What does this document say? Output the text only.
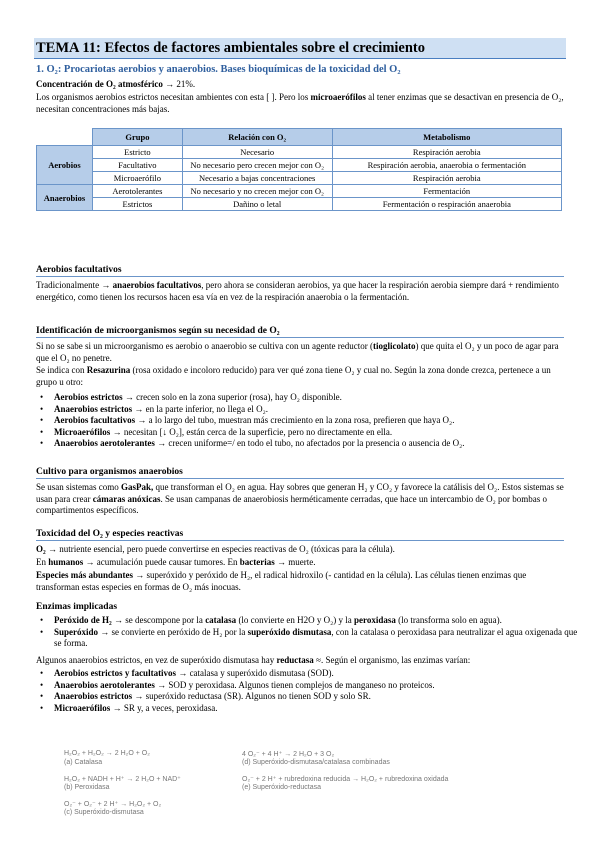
TEMA 11: Efectos de factores ambientales sobre el crecimiento
1. O₂: Procariotas aerobios y anaerobios. Bases bioquímicas de la toxicidad del O₂
Concentración de O₂ atmosférico → 21%.
Los organismos aerobios estrictos necesitan ambientes con esta [ ]. Pero los microaerófilos al tener enzimas que se desactivan en presencia de O₂, necesitan concentraciones más bajas.
	Grupo	Relación con O₂	Metabolismo
Aerobios	Estricto	Necesario	Respiración aerobia
	Facultativo	No necesario pero crecen mejor con O₂	Respiración aerobia, anaerobia o fermentación
	Microaerófilo	Necesario a bajas concentraciones	Respiración aerobia
Anaerobios	Aerotolerantes	No necesario y no crecen mejor con O₂	Fermentación
	Estrictos	Dañino o letal	Fermentación o respiración anaerobia
Aerobios facultativos
Tradicionalmente → anaerobios facultativos, pero ahora se consideran aerobios, ya que hacer la respiración aerobia siempre dará + rendimiento energético, como tienen los recursos hacen esa vía en vez de la respiración anaerobia o la fermentación.
Identificación de microorganismos según su necesidad de O₂
Si no se sabe si un microorganismo es aerobio o anaerobio se cultiva con un agente reductor (tioglicolato) que quita el O₂ y un poco de agar para que el O₂ no penetre.
Se indica con Resazurina (rosa oxidado e incoloro reducido) para ver qué zona tiene O₂ y cual no. Según la zona donde crezca, pertenece a un grupo u otro:
• Aerobios estrictos → crecen solo en la zona superior (rosa), hay O₂ disponible.
• Anaerobios estrictos → en la parte inferior, no llega el O₂.
• Aerobios facultativos → a lo largo del tubo, muestran más crecimiento en la zona rosa, prefieren que haya O₂.
• Microaerófilos → necesitan [↓ O₂], están cerca de la superficie, pero no directamente en ella.
• Anaerobios aerotolerantes → crecen uniforme=/ en todo el tubo, no afectados por la presencia o ausencia de O₂.
Cultivo para organismos anaerobios
Se usan sistemas como GasPak, que transforman el O₂ en agua. Hay sobres que generan H₂ y CO₂ y favorece la catálisis del O₂. Estos sistemas se usan para crear cámaras anóxicas. Se usan campanas de anaerobiosis herméticamente cerradas, que hace un intercambio de O₂ por bombas o compartimentos específicos.
Toxicidad del O₂ y especies reactivas
O₂ → nutriente esencial, pero puede convertirse en especies reactivas de O₂ (tóxicas para la célula).
En humanos → acumulación puede causar tumores. En bacterias → muerte.
Especies más abundantes → superóxido y peróxido de H₂, el radical hidroxilo (- cantidad en la célula). Las células tienen enzimas que transforman estas especies en formas de O₂ más inocuas.
Enzimas implicadas
• Peróxido de H₂ → se descompone por la catalasa (lo convierte en H2O y O₂) y la peroxidasa (lo transforma solo en agua).
• Superóxido → se convierte en peróxido de H₂ por la superóxido dismutasa, con la catalasa o peroxidasa para neutralizar el agua oxigenada que se forma.
Algunos anaerobios estrictos, en vez de superóxido dismutasa hay reductasa ≈. Según el organismo, las enzimas varían:
• Aerobios estrictos y facultativos → catalasa y superóxido dismutasa (SOD).
• Anaerobios aerotolerantes → SOD y peroxidasa. Algunos tienen complejos de manganeso no proteicos.
• Anaerobios estrictos → superóxido reductasa (SR). Algunos no tienen SOD y solo SR.
• Microaerófilos → SR y, a veces, peroxidasa.
H₂O₂ + H₂O₂ → 2 H₂O + O₂
(a) Catalasa
H₂O₂ + NADH + H⁺ → 2 H₂O + NAD⁺
(b) Peroxidasa
O₂⁻ + O₂⁻ + 2 H⁺ → H₂O₂ + O₂
(c) Superóxido-dismutasa
4 O₂⁻ + 4 H⁺ → 2 H₂O + 3 O₂
(d) Superóxido-dismutasa/catalasa combinadas
O₂⁻ + 2 H⁺ + rubredoxina reducida → H₂O₂ + rubredoxina oxidada
(e) Superóxido-reductasa
